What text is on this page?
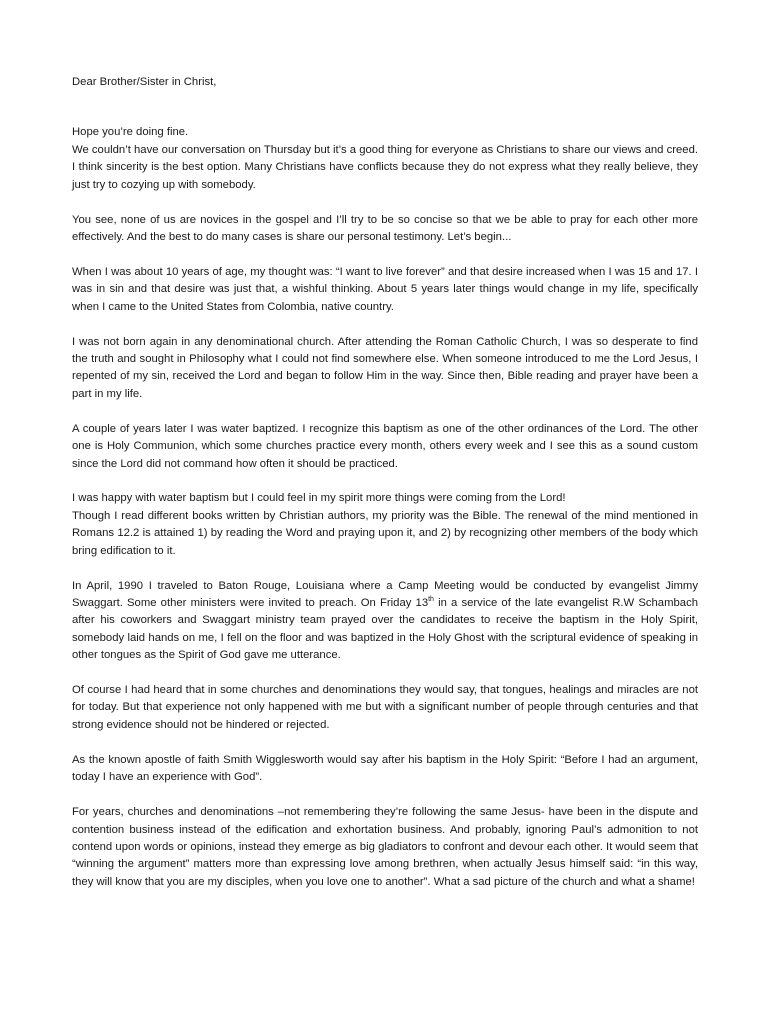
Dear Brother/Sister in Christ,

Hope you’re doing fine.
We couldn’t have our conversation on Thursday but it’s a good thing for everyone as Christians to share our views and creed. I think sincerity is the best option. Many Christians have conflicts because they do not express what they really believe, they just try to cozying up with somebody.

You see, none of us are novices in the gospel and I’ll try to be so concise so that we be able to pray for each other more effectively. And the best to do many cases is share our personal testimony. Let’s begin...

When I was about 10 years of age, my thought was: “I want to live forever” and that desire increased when I was 15 and 17. I was in sin and that desire was just that, a wishful thinking. About 5 years later things would change in my life, specifically when I came to the United States from Colombia, native country.

I was not born again in any denominational church. After attending the Roman Catholic Church, I was so desperate to find the truth and sought in Philosophy what I could not find somewhere else. When someone introduced to me the Lord Jesus, I repented of my sin, received the Lord and began to follow Him in the way. Since then, Bible reading and prayer have been a part in my life.

A couple of years later I was water baptized. I recognize this baptism as one of the other ordinances of the Lord. The other one is Holy Communion, which some churches practice every month, others every week and I see this as a sound custom since the Lord did not command how often it should be practiced.

I was happy with water baptism but I could feel in my spirit more things were coming from the Lord!
Though I read different books written by Christian authors, my priority was the Bible. The renewal of the mind mentioned in Romans 12.2 is attained 1) by reading the Word and praying upon it, and 2) by recognizing other members of the body which bring edification to it.

In April, 1990 I traveled to Baton Rouge, Louisiana where a Camp Meeting would be conducted by evangelist Jimmy Swaggart. Some other ministers were invited to preach. On Friday 13th in a service of the late evangelist R.W Schambach after his coworkers and Swaggart ministry team prayed over the candidates to receive the baptism in the Holy Spirit, somebody laid hands on me, I fell on the floor and was baptized in the Holy Ghost with the scriptural evidence of speaking in other tongues as the Spirit of God gave me utterance.

Of course I had heard that in some churches and denominations they would say, that tongues, healings and miracles are not for today. But that experience not only happened with me but with a significant number of people through centuries and that strong evidence should not be hindered or rejected.

As the known apostle of faith Smith Wigglesworth would say after his baptism in the Holy Spirit: “Before I had an argument, today I have an experience with God”.

For years, churches and denominations –not remembering they’re following the same Jesus- have been in the dispute and contention business instead of the edification and exhortation business. And probably, ignoring Paul’s admonition to not contend upon words or opinions, instead they emerge as big gladiators to confront and devour each other. It would seem that “winning the argument” matters more than expressing love among brethren, when actually Jesus himself said: “in this way, they will know that you are my disciples, when you love one to another”. What a sad picture of the church and what a shame!
